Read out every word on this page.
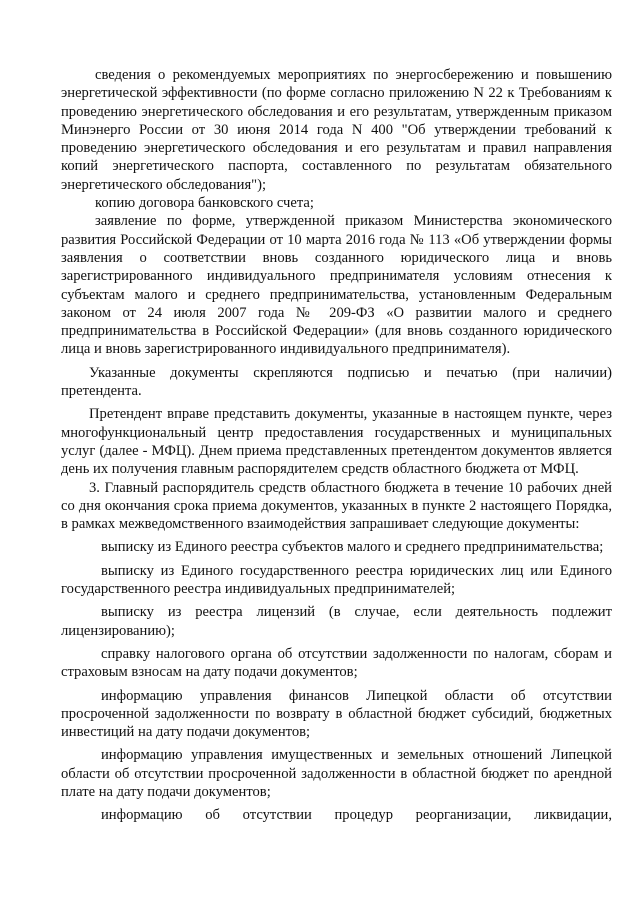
сведения о рекомендуемых мероприятиях по энергосбережению и повышению энергетической эффективности (по форме согласно приложению N 22 к Требованиям к проведению энергетического обследования и его результатам, утвержденным приказом Минэнерго России от 30 июня 2014 года N 400 "Об утверждении требований к проведению энергетического обследования и его результатам и правил направления копий энергетического паспорта, составленного по результатам обязательного энергетического обследования");

копию договора банковского счета;

заявление по форме, утвержденной приказом Министерства экономического развития Российской Федерации от 10 марта 2016 года № 113 «Об утверждении формы заявления о соответствии вновь созданного юридического лица и вновь зарегистрированного индивидуального предпринимателя условиям отнесения к субъектам малого и среднего предпринимательства, установленным Федеральным законом от 24 июля 2007 года № 209-ФЗ «О развитии малого и среднего предпринимательства в Российской Федерации» (для вновь созданного юридического лица и вновь зарегистрированного индивидуального предпринимателя).

Указанные документы скрепляются подписью и печатью (при наличии) претендента.

Претендент вправе представить документы, указанные в настоящем пункте, через многофункциональный центр предоставления государственных и муниципальных услуг (далее - МФЦ). Днем приема представленных претендентом документов является день их получения главным распорядителем средств областного бюджета от МФЦ.

3. Главный распорядитель средств областного бюджета в течение 10 рабочих дней со дня окончания срока приема документов, указанных в пункте 2 настоящего Порядка, в рамках межведомственного взаимодействия запрашивает следующие документы:

выписку из Единого реестра субъектов малого и среднего предпринимательства;

выписку из Единого государственного реестра юридических лиц или Единого государственного реестра индивидуальных предпринимателей;

выписку из реестра лицензий (в случае, если деятельность подлежит лицензированию);

справку налогового органа об отсутствии задолженности по налогам, сборам и страховым взносам на дату подачи документов;

информацию управления финансов Липецкой области об отсутствии просроченной задолженности по возврату в областной бюджет субсидий, бюджетных инвестиций на дату подачи документов;

информацию управления имущественных и земельных отношений Липецкой области об отсутствии просроченной задолженности в областной бюджет по арендной плате на дату подачи документов;

информацию об отсутствии процедур реорганизации, ликвидации,
